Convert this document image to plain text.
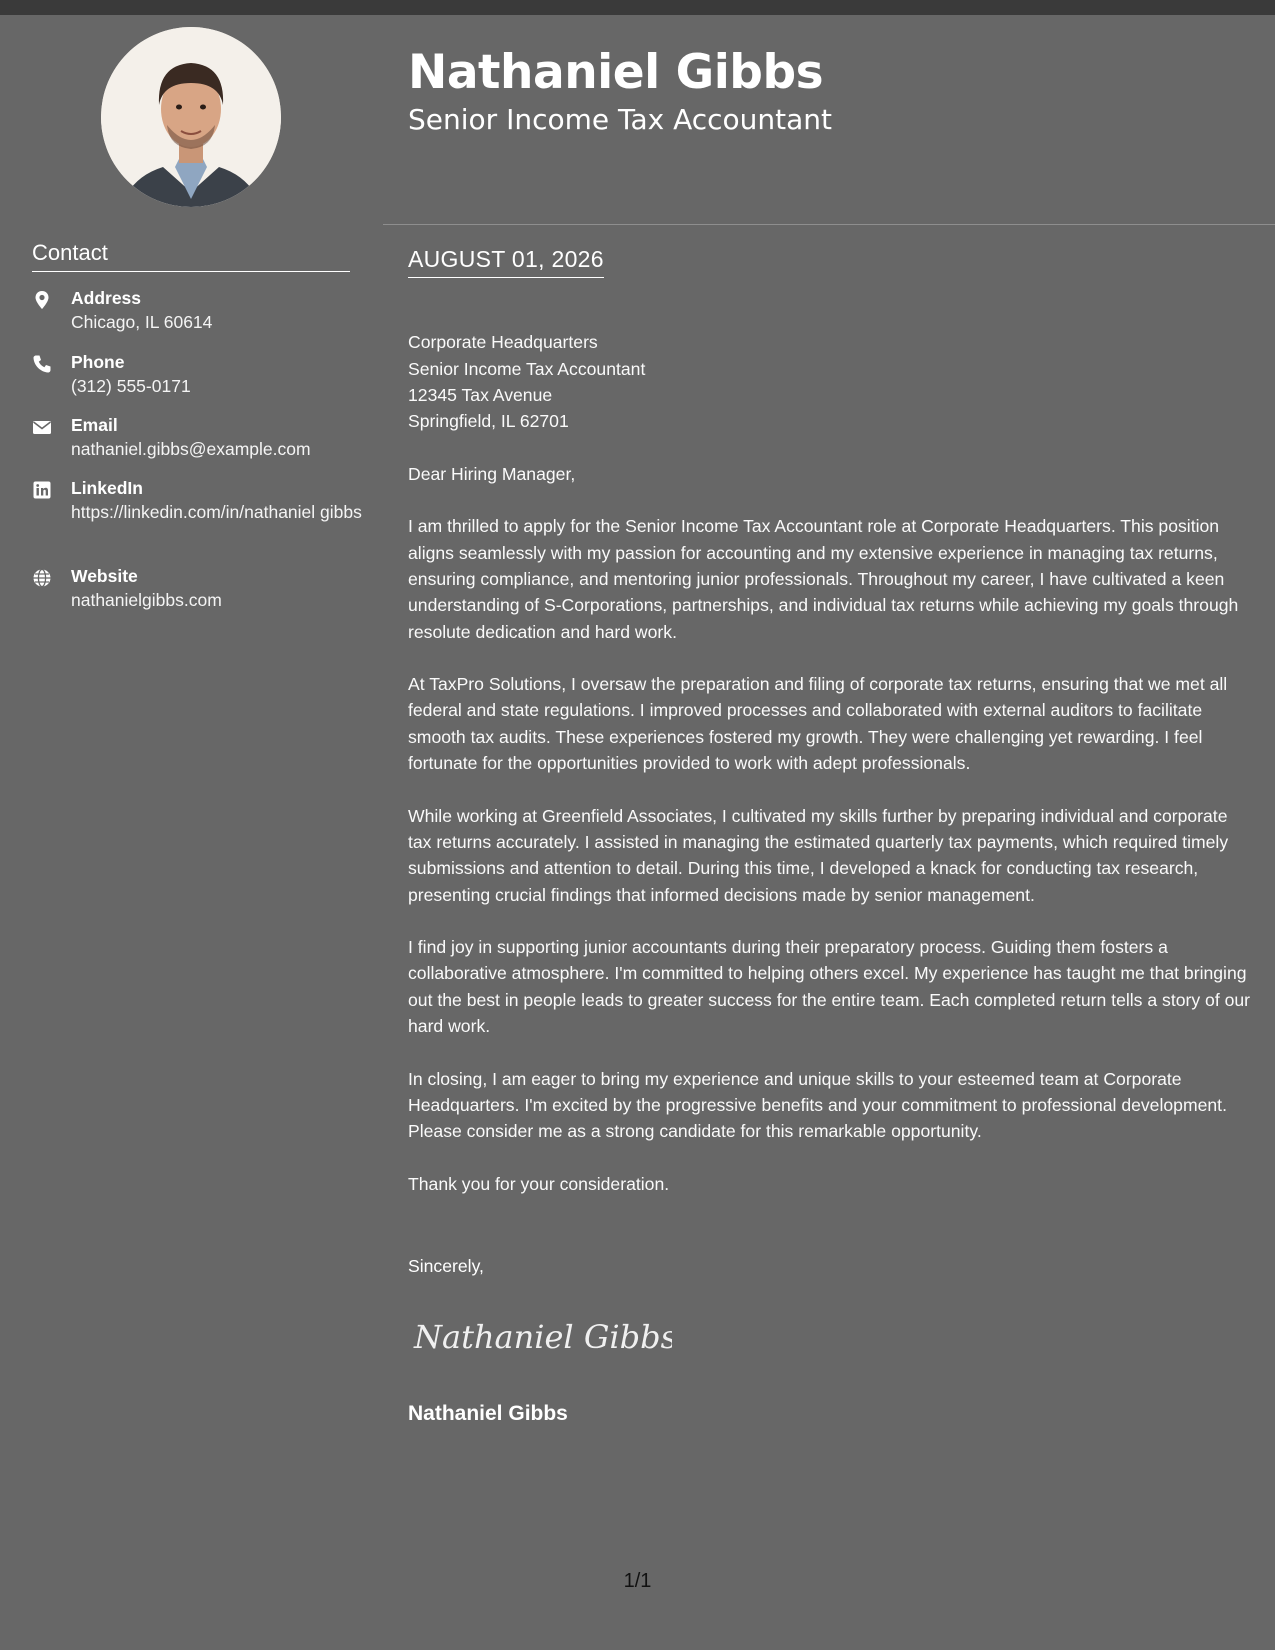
Contact
Address
Chicago, IL 60614
Phone
(312) 555-0171
Email
nathaniel.gibbs@example.com
LinkedIn
https://linkedin.com/in/nathaniel gibbs
Website
nathanielgibbs.com
Nathaniel Gibbs
Senior Income Tax Accountant
AUGUST 01, 2026

Corporate Headquarters
Senior Income Tax Accountant
12345 Tax Avenue
Springfield, IL 62701

Dear Hiring Manager,

I am thrilled to apply for the Senior Income Tax Accountant role at Corporate Headquarters. This position aligns seamlessly with my passion for accounting and my extensive experience in managing tax returns, ensuring compliance, and mentoring junior professionals. Throughout my career, I have cultivated a keen understanding of S-Corporations, partnerships, and individual tax returns while achieving my goals through resolute dedication and hard work.

At TaxPro Solutions, I oversaw the preparation and filing of corporate tax returns, ensuring that we met all federal and state regulations. I improved processes and collaborated with external auditors to facilitate smooth tax audits. These experiences fostered my growth. They were challenging yet rewarding. I feel fortunate for the opportunities provided to work with adept professionals.

While working at Greenfield Associates, I cultivated my skills further by preparing individual and corporate tax returns accurately. I assisted in managing the estimated quarterly tax payments, which required timely submissions and attention to detail. During this time, I developed a knack for conducting tax research, presenting crucial findings that informed decisions made by senior management.

I find joy in supporting junior accountants during their preparatory process. Guiding them fosters a collaborative atmosphere. I'm committed to helping others excel. My experience has taught me that bringing out the best in people leads to greater success for the entire team. Each completed return tells a story of our hard work.

In closing, I am eager to bring my experience and unique skills to your esteemed team at Corporate Headquarters. I'm excited by the progressive benefits and your commitment to professional development. Please consider me as a strong candidate for this remarkable opportunity.

Thank you for your consideration.

Sincerely,
Nathaniel Gibbs
Nathaniel Gibbs
1/1
